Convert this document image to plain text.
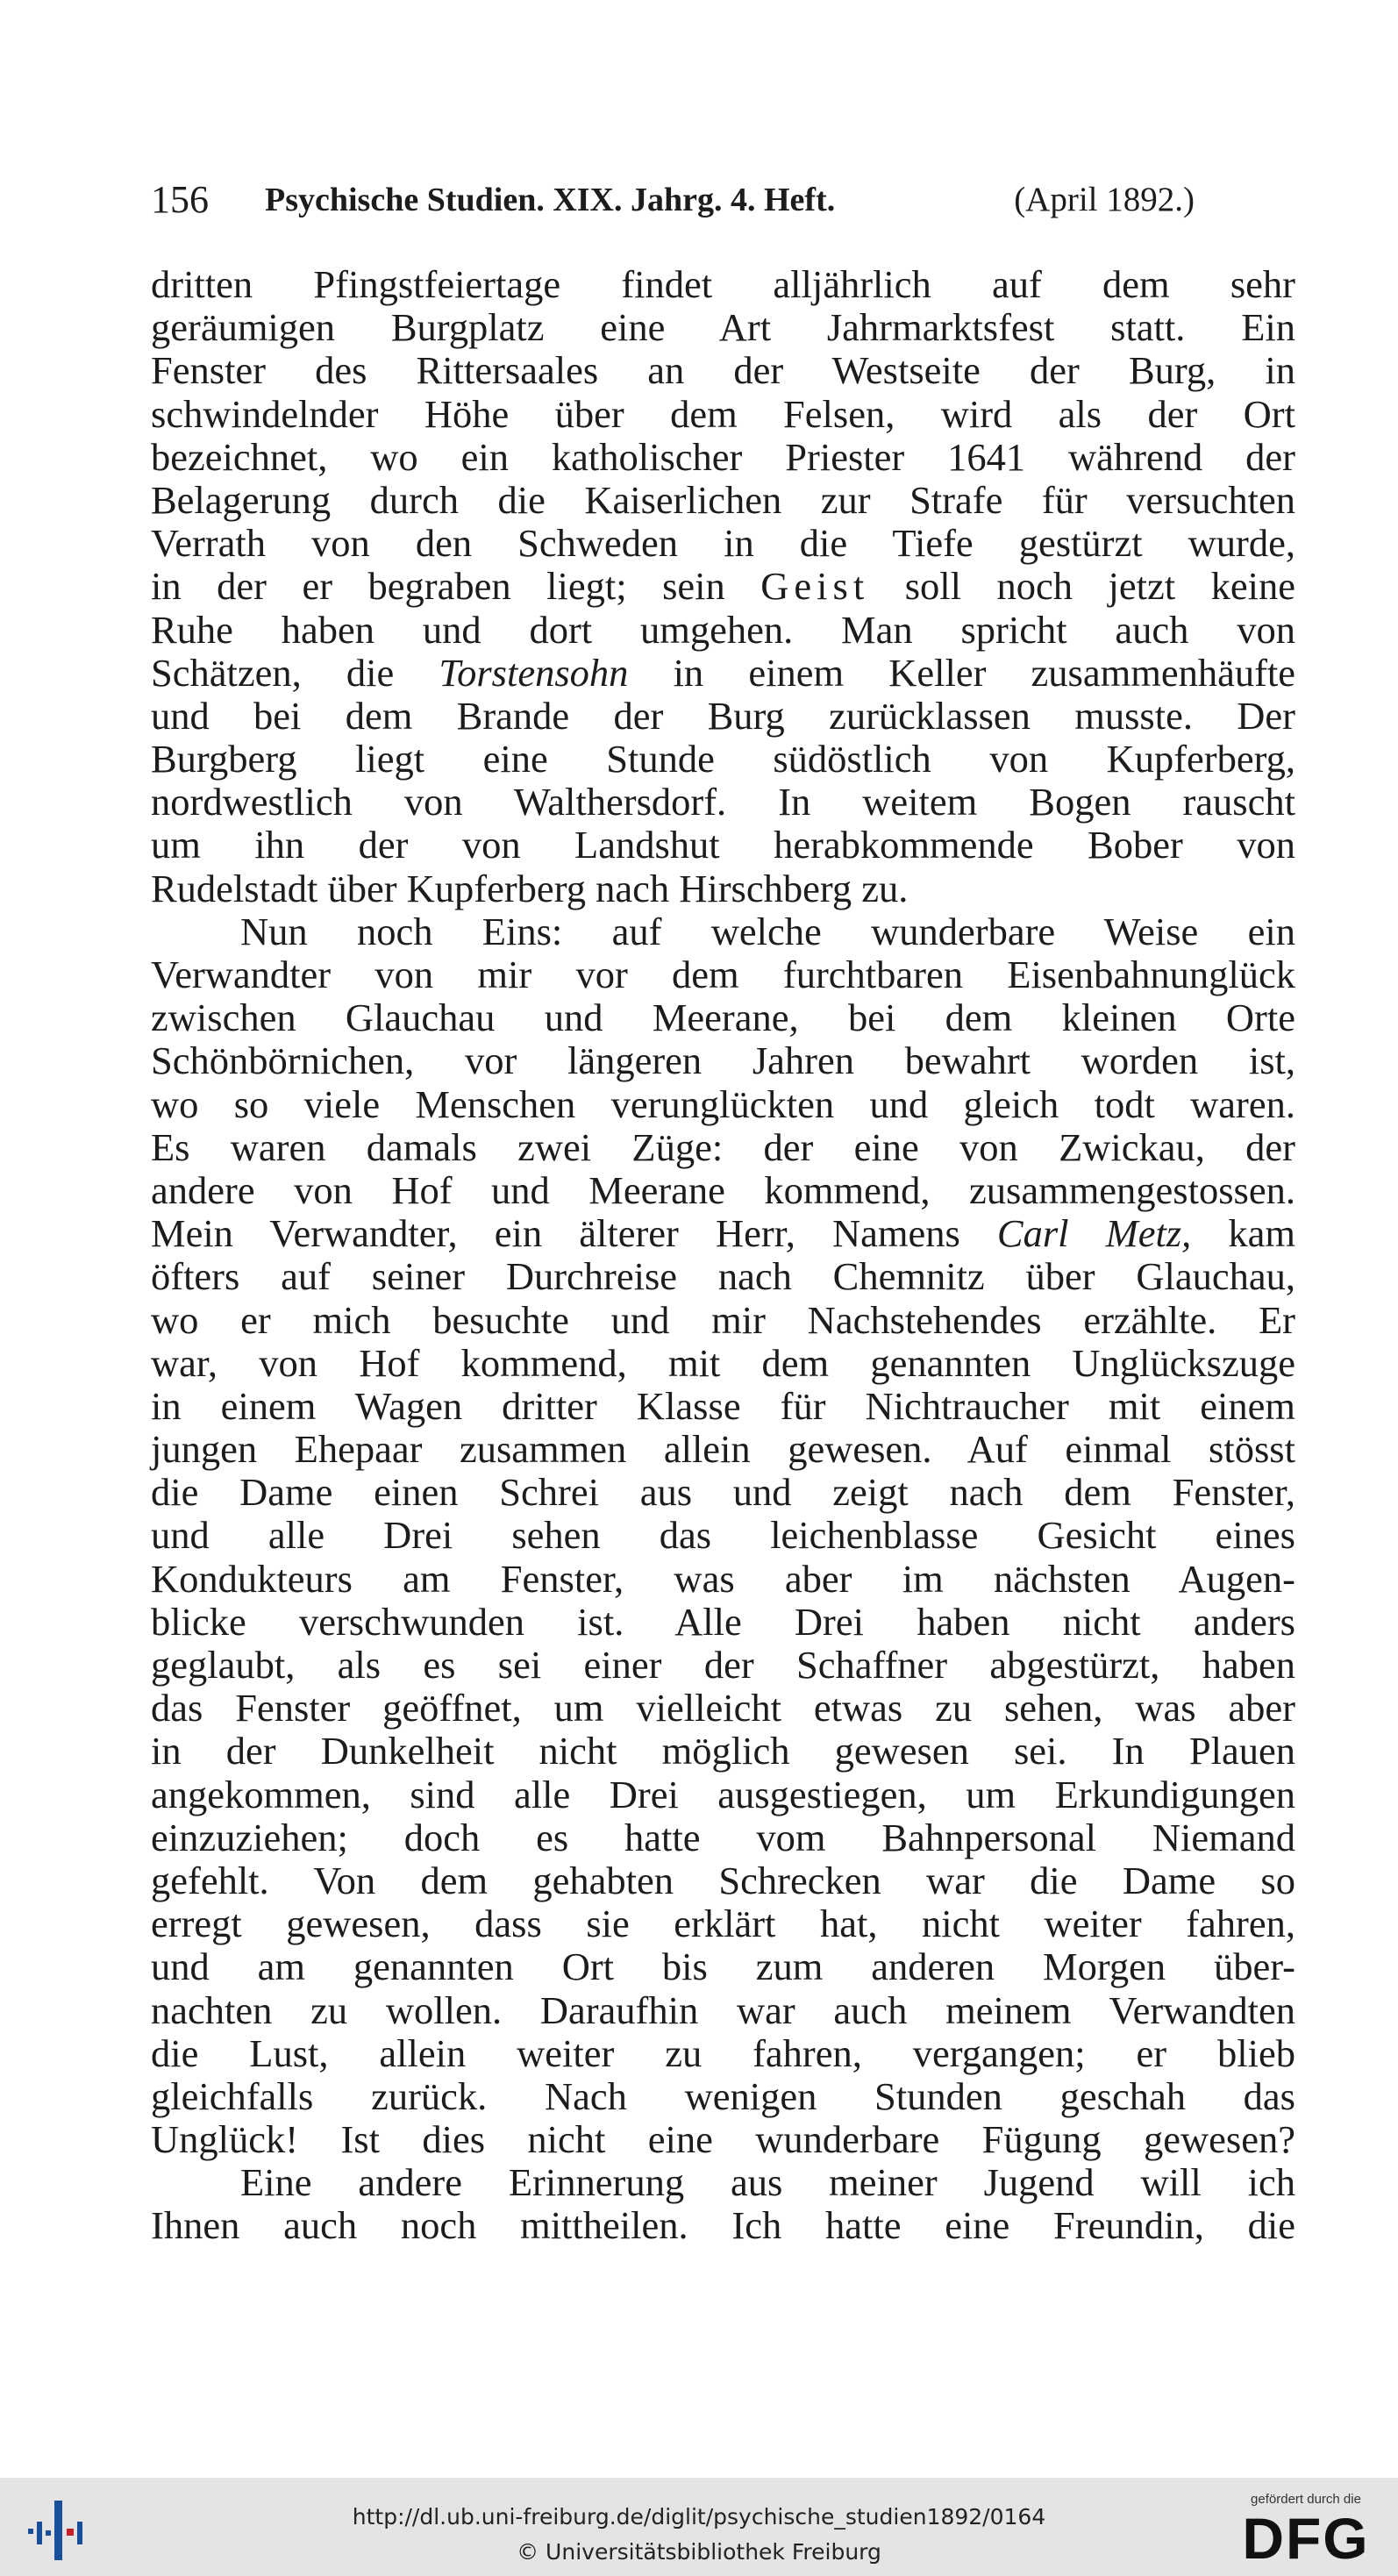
156 Psychische Studien. XIX. Jahrg. 4. Heft.	(April 1892.)
dritten Pfingstfeiertage findet alljährlich auf dem sehr
geräumigen Burgplatz eine Art Jahrmarktsfest statt. Ein
Fenster des Rittersaales an der Westseite der Burg, in
schwindelnder Höhe über dem Felsen, wird als der Ort
bezeichnet, wo ein katholischer Priester 1641 während der
Belagerung durch die Kaiserlichen zur Strafe für versuchten
Verrath von den Schweden in die Tiefe gestürzt wurde,
in der er begraben liegt; sein Geist soll noch jetzt keine
Ruhe haben und dort umgehen. Man spricht auch von
Schätzen, die Torstensohn in einem Keller zusammenhäufte
und bei dem Brande der Burg zurücklassen musste. Der
Burgberg liegt eine Stunde südöstlich von Kupferberg,
nordwestlich von Walthersdorf. In weitem Bogen rauscht
um ihn der von Landshut herabkommende Bober von
Rudelstadt über Kupferberg nach Hirschberg zu.
Nun noch Eins: auf welche wunderbare Weise ein
Verwandter von mir vor dem furchtbaren Eisenbahnunglück
zwischen Glauchau und Meerane, bei dem kleinen Orte
Schönbörnichen, vor längeren Jahren bewahrt worden ist,
wo so viele Menschen verunglückten und gleich todt waren.
Es waren damals zwei Züge: der eine von Zwickau, der
andere von Hof und Meerane kommend, zusammengestossen.
Mein Verwandter, ein älterer Herr, Namens Carl Metz, kam
öfters auf seiner Durchreise nach Chemnitz über Glauchau,
wo er mich besuchte und mir Nachstehendes erzählte. Er
war, von Hof kommend, mit dem genannten Unglückszuge
in einem Wagen dritter Klasse für Nichtraucher mit einem
jungen Ehepaar zusammen allein gewesen. Auf einmal stösst
die Dame einen Schrei aus und zeigt nach dem Fenster,
und alle Drei sehen das leichenblasse Gesicht eines
Kondukteurs am Fenster, was aber im nächsten Augen-
blicke verschwunden ist. Alle Drei haben nicht anders
geglaubt, als es sei einer der Schaffner abgestürzt, haben
das Fenster geöffnet, um vielleicht etwas zu sehen, was aber
in der Dunkelheit nicht möglich gewesen sei. In Plauen
angekommen, sind alle Drei ausgestiegen, um Erkundigungen
einzuziehen; doch es hatte vom Bahnpersonal Niemand
gefehlt. Von dem gehabten Schrecken war die Dame so
erregt gewesen, dass sie erklärt hat, nicht weiter fahren,
und am genannten Ort bis zum anderen Morgen über-
nachten zu wollen. Daraufhin war auch meinem Verwandten
die Lust, allein weiter zu fahren, vergangen; er blieb
gleichfalls zurück. Nach wenigen Stunden geschah das
Unglück! Ist dies nicht eine wunderbare Fügung gewesen?
Eine andere Erinnerung aus meiner Jugend will ich
Ihnen auch noch mittheilen. Ich hatte eine Freundin, die
http://dl.ub.uni-freiburg.de/diglit/psychische_studien1892/0164
© Universitätsbibliothek Freiburg
gefördert durch die
DFG
